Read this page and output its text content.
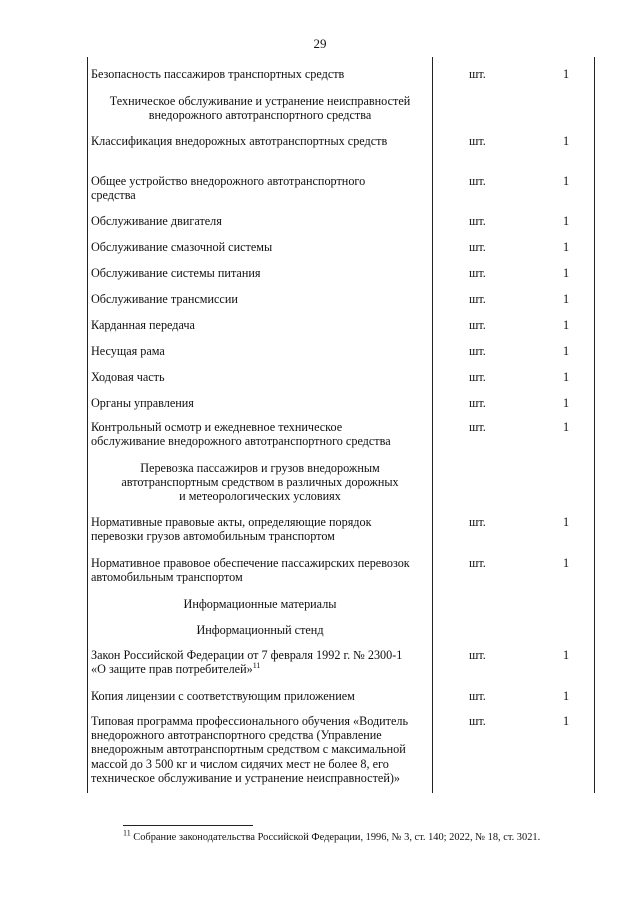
29
Безопасность пассажиров транспортных средств	шт.	1
Техническое обслуживание и устранение неисправностей
внедорожного автотранспортного средства
Классификация внедорожных автотранспортных средств	шт.	1
Общее устройство внедорожного автотранспортного
средства
шт.	1
Обслуживание двигателя	шт.	1
Обслуживание смазочной системы	шт.	1
Обслуживание системы питания	шт.	1
Обслуживание трансмиссии	шт.	1
Карданная передача	шт.	1
Несущая рама	шт.	1
Ходовая часть	шт.	1
Органы управления	шт.	1
Контрольный осмотр и ежедневное техническое
обслуживание внедорожного автотранспортного средства
шт.	1
Перевозка пассажиров и грузов внедорожным
автотранспортным средством в различных дорожных
и метеорологических условиях
Нормативные правовые акты, определяющие порядок
перевозки грузов автомобильным транспортом
шт.	1
Нормативное правовое обеспечение пассажирских перевозок
автомобильным транспортом
шт.	1
Информационные материалы
Информационный стенд
Закон Российской Федерации от 7 февраля 1992 г. № 2300-1
«О защите прав потребителей»$^{11}$
шт.	1
Копия лицензии с соответствующим приложением	шт.	1
Типовая программа профессионального обучения «Водитель
внедорожного автотранспортного средства (Управление
внедорожным автотранспортным средством с максимальной
массой до 3 500 кг и числом сидячих мест не более 8, его
техническое обслуживание и устранение неисправностей)»
шт.	1
$^{11}$ Собрание законодательства Российской Федерации, 1996, № 3, ст. 140; 2022, № 18, ст. 3021.
